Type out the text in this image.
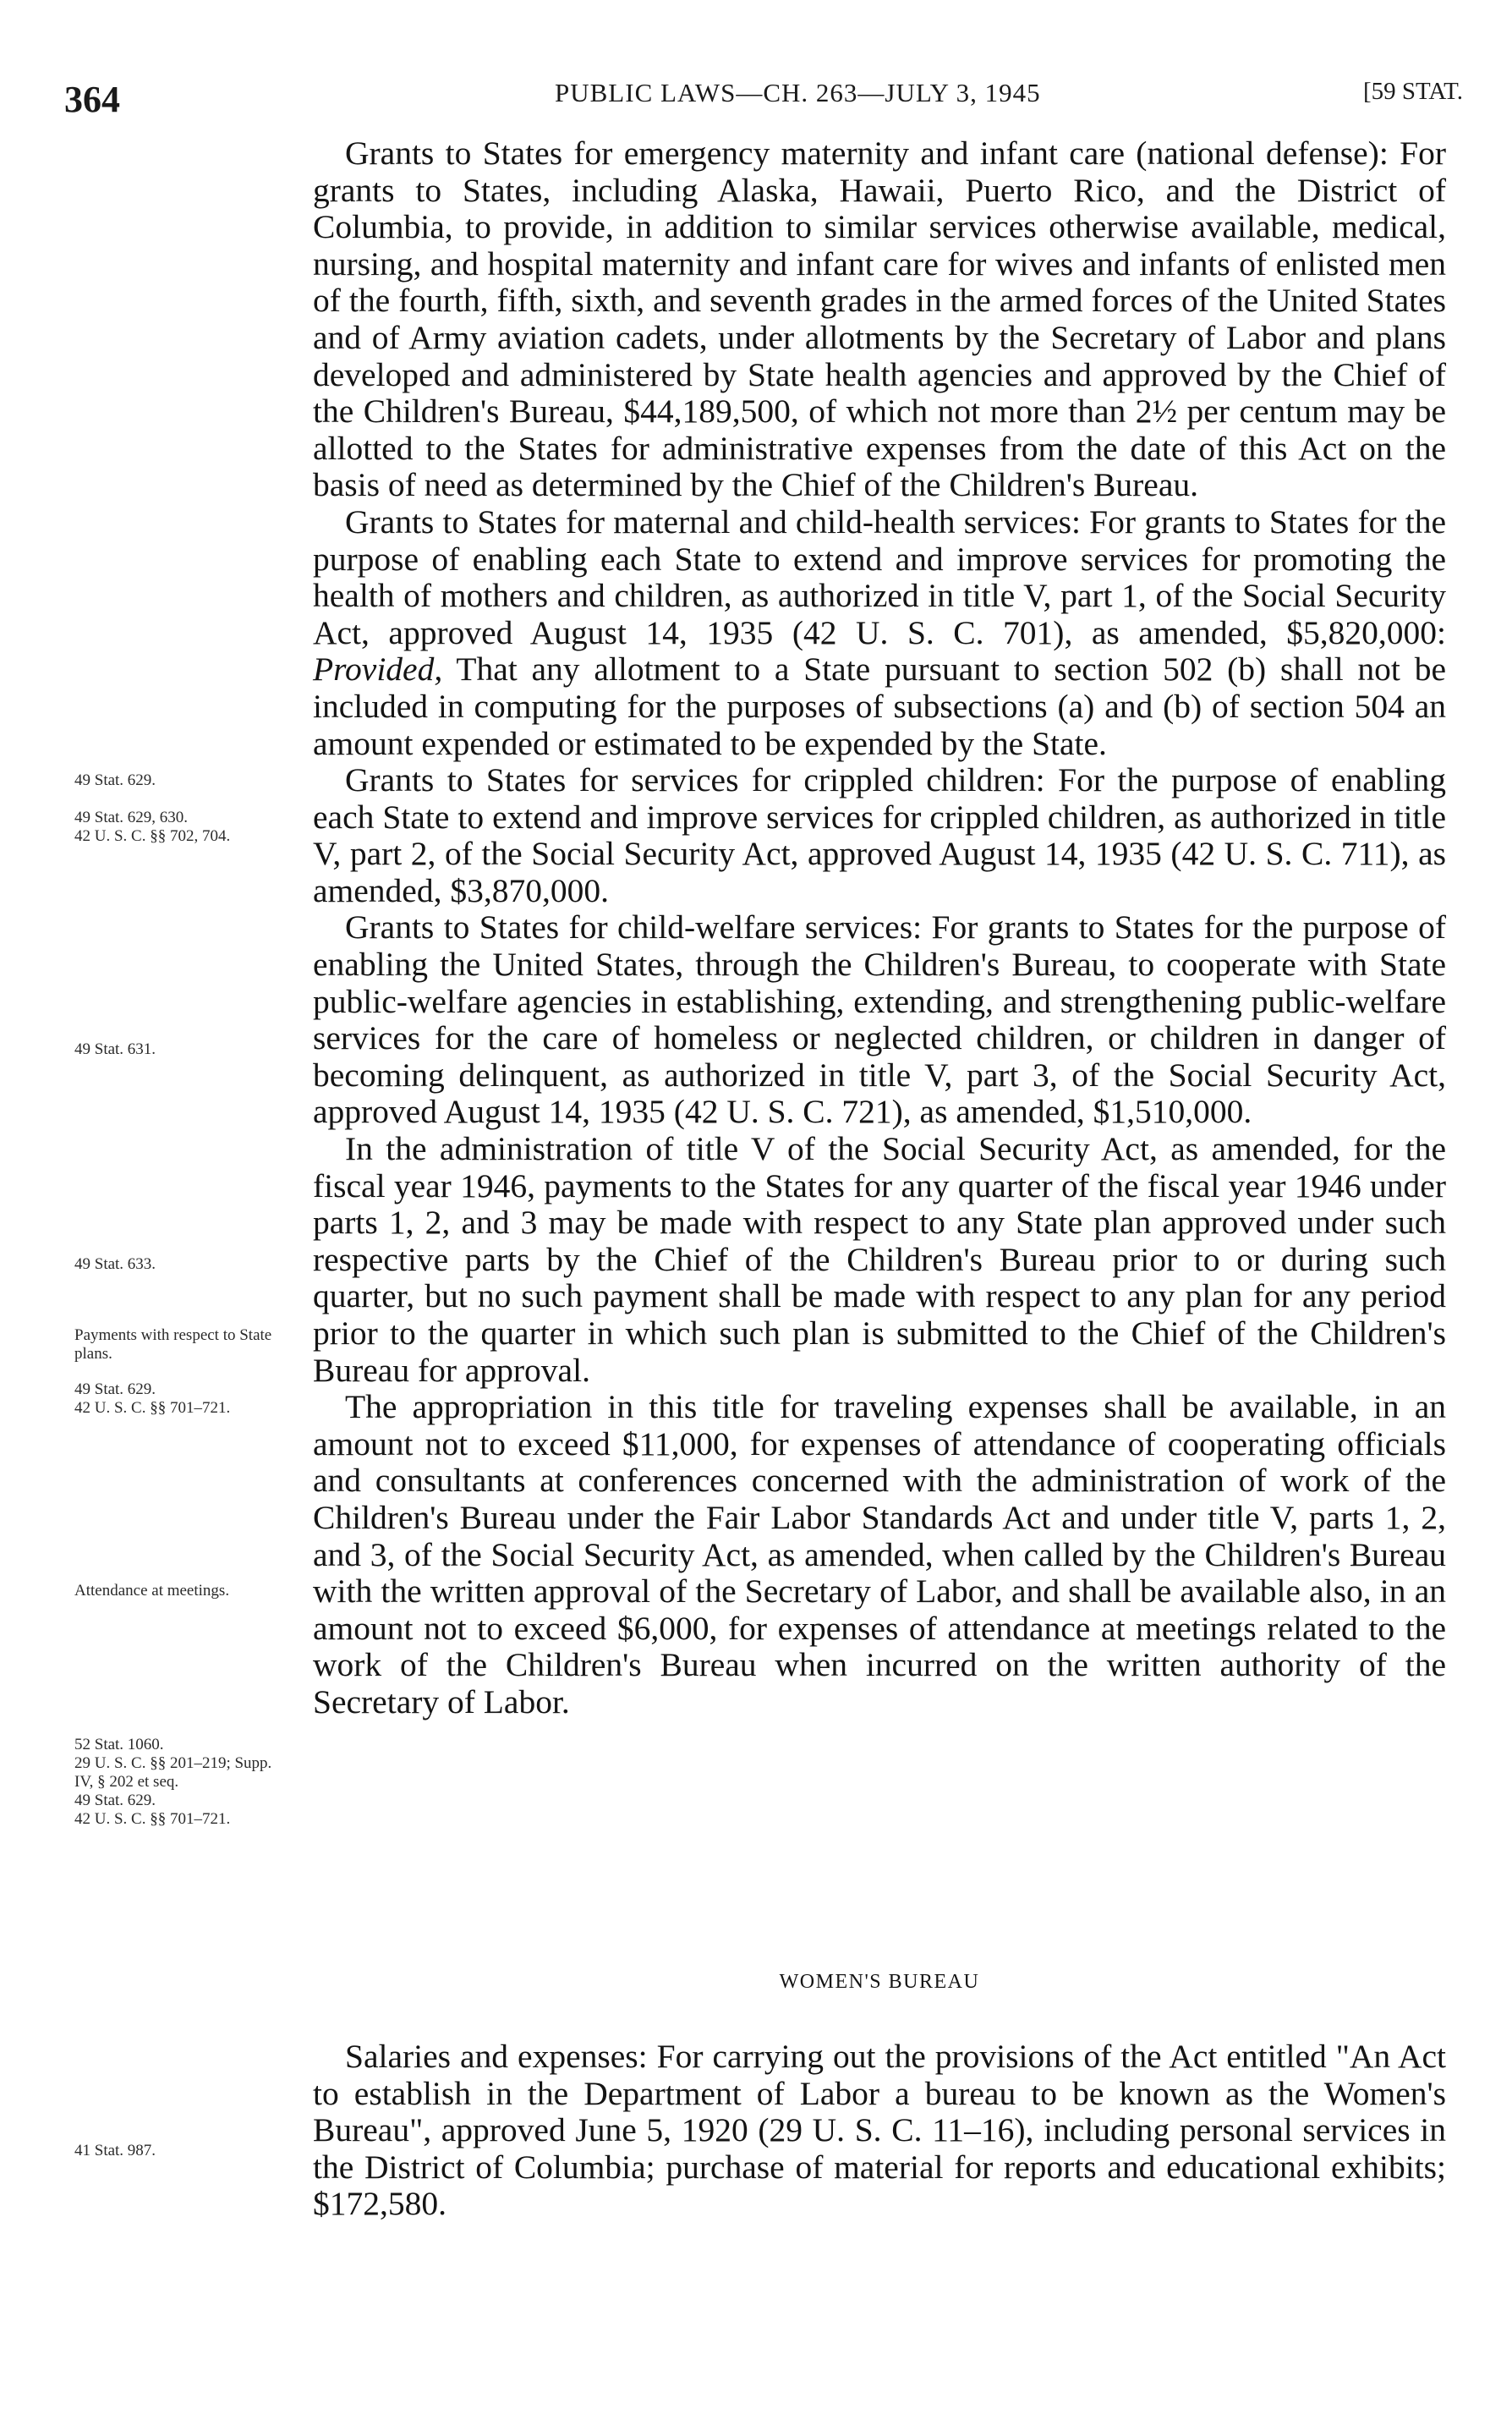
364	PUBLIC LAWS—CH. 263—JULY 3, 1945	[59 STAT.

Grants to States for emergency maternity and infant care (national defense): For grants to States, including Alaska, Hawaii, Puerto Rico, and the District of Columbia, to provide, in addition to similar services otherwise available, medical, nursing, and hospital maternity and infant care for wives and infants of enlisted men of the fourth, fifth, sixth, and seventh grades in the armed forces of the United States and of Army aviation cadets, under allotments by the Secretary of Labor and plans developed and administered by State health agencies and approved by the Chief of the Children's Bureau, $44,189,500, of which not more than 2½ per centum may be allotted to the States for administrative expenses from the date of this Act on the basis of need as determined by the Chief of the Children's Bureau.

Grants to States for maternal and child-health services: For grants to States for the purpose of enabling each State to extend and improve services for promoting the health of mothers and children, as authorized in title V, part 1, of the Social Security Act, approved August 14, 1935 (42 U. S. C. 701), as amended, $5,820,000: Provided, That any allotment to a State pursuant to section 502 (b) shall not be included in computing for the purposes of subsections (a) and (b) of section 504 an amount expended or estimated to be expended by the State.

Grants to States for services for crippled children: For the purpose of enabling each State to extend and improve services for crippled children, as authorized in title V, part 2, of the Social Security Act, approved August 14, 1935 (42 U. S. C. 711), as amended, $3,870,000.

Grants to States for child-welfare services: For grants to States for the purpose of enabling the United States, through the Children's Bureau, to cooperate with State public-welfare agencies in establishing, extending, and strengthening public-welfare services for the care of homeless or neglected children, or children in danger of becoming delinquent, as authorized in title V, part 3, of the Social Security Act, approved August 14, 1935 (42 U. S. C. 721), as amended, $1,510,000.

In the administration of title V of the Social Security Act, as amended, for the fiscal year 1946, payments to the States for any quarter of the fiscal year 1946 under parts 1, 2, and 3 may be made with respect to any State plan approved under such respective parts by the Chief of the Children's Bureau prior to or during such quarter, but no such payment shall be made with respect to any plan for any period prior to the quarter in which such plan is submitted to the Chief of the Children's Bureau for approval.

The appropriation in this title for traveling expenses shall be available, in an amount not to exceed $11,000, for expenses of attendance of cooperating officials and consultants at conferences concerned with the administration of work of the Children's Bureau under the Fair Labor Standards Act and under title V, parts 1, 2, and 3, of the Social Security Act, as amended, when called by the Children's Bureau with the written approval of the Secretary of Labor, and shall be available also, in an amount not to exceed $6,000, for expenses of attendance at meetings related to the work of the Children's Bureau when incurred on the written authority of the Secretary of Labor.

WOMEN'S BUREAU

Salaries and expenses: For carrying out the provisions of the Act entitled "An Act to establish in the Department of Labor a bureau to be known as the Women's Bureau", approved June 5, 1920 (29 U. S. C. 11–16), including personal services in the District of Columbia; purchase of material for reports and educational exhibits; $172,580.

49 Stat. 629.
49 Stat. 629, 630.
42 U. S. C. §§ 702, 704.
49 Stat. 631.
49 Stat. 633.
Payments with respect to State plans.
49 Stat. 629.
42 U. S. C. §§ 701–721.
Attendance at meetings.
52 Stat. 1060.
29 U. S. C. §§ 201–219; Supp. IV, § 202 et seq.
49 Stat. 629.
42 U. S. C. §§ 701–721.
41 Stat. 987.
